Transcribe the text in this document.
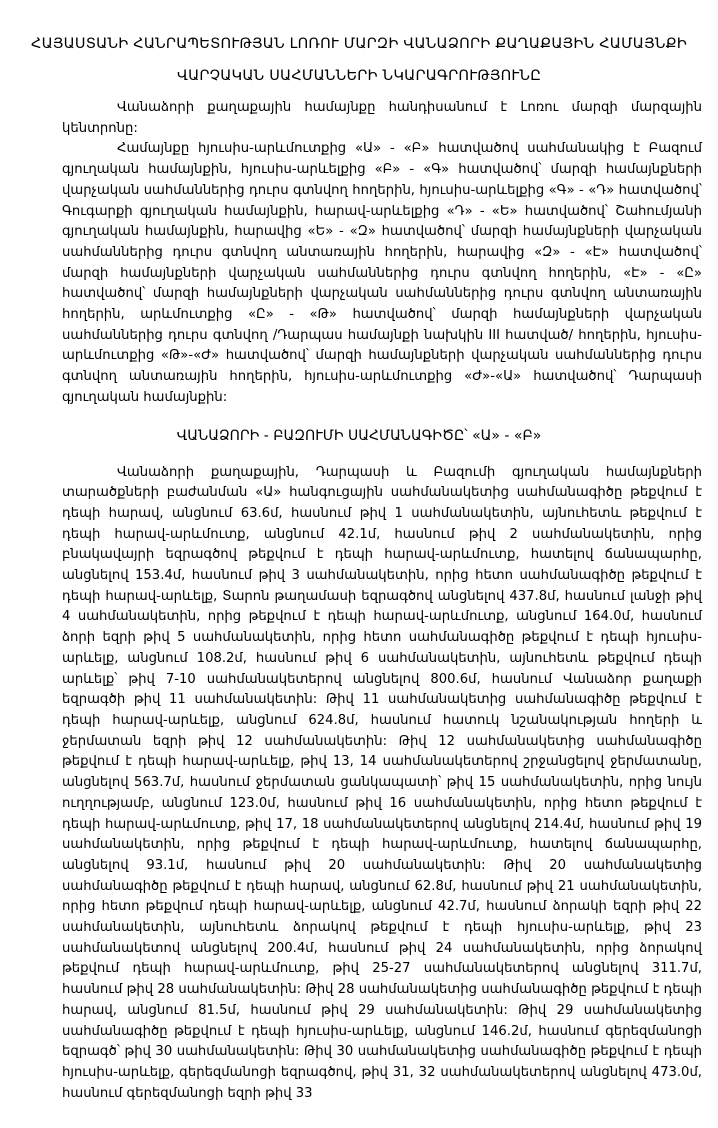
ՀԱՅԱՍՏԱՆԻ ՀԱՆՐԱՊԵՏՈՒԹՅԱՆ ԼՈՌՈՒ ՄԱՐԶԻ ՎԱՆԱՁՈՐԻ ՔԱՂԱՔԱՅԻՆ ՀԱՄԱՅՆՔԻ
ՎԱՐՉԱԿԱՆ ՍԱՀՄԱՆՆԵՐԻ ՆԿԱՐԱԳՐՈՒԹՅՈՒՆԸ

Վանաձորի քաղաքային համայնքը հանդիսանում է Լոռու մարզի մարզային կենտրոնը:

Համայնքը հյուսիս-արևմուտքից «Ա» - «Բ» հատվածով սահմանակից է Բազում գյուղական համայնքին, հյուսիս-արևելքից «Բ» - «Գ» հատվածով՝ մարզի համայնքների վարչական սահմաններից դուրս գտնվող հողերին, հյուսիս-արևելքից «Գ» - «Դ» հատվածով՝ Գուգարքի գյուղական համայնքին, հարավ-արևելքից «Դ» - «Ե» հատվածով՝ Շահումյանի գյուղական համայնքին, հարավից «Ե» - «Զ» հատվածով՝ մարզի համայնքների վարչական սահմաններից դուրս գտնվող անտառային հողերին, հարավից «Զ» - «Է» հատվածով՝ մարզի համայնքների վարչական սահմաններից դուրս գտնվող հողերին, «Է» - «Ը» հատվածով՝ մարզի համայնքների վարչական սահմաններից դուրս գտնվող անտառային հողերին, արևմուտքից «Ը» - «Թ» հատվածով՝ մարզի համայնքների վարչական սահմաններից դուրս գտնվող /Դարպաս համայնքի նախկին III հատված/ հողերին, հյուսիս-արևմուտքից «Թ»-«Ժ» հատվածով՝ մարզի համայնքների վարչական սահմաններից դուրս գտնվող անտառային հողերին, հյուսիս-արևմուտքից «Ժ»-«Ա» հատվածով՝ Դարպասի գյուղական համայնքին:

ՎԱՆԱՁՈՐԻ - ԲԱԶՈՒՄԻ ՍԱՀՄԱՆԱԳԻԾԸ՝ «Ա» - «Բ»

Վանաձորի քաղաքային, Դարպասի և Բազումի գյուղական համայնքների տարածքների բաժանման «Ա» հանգուցային սահմանակետից սահմանագիծը թեքվում է դեպի հարավ, անցնում 63.6մ, հասնում թիվ 1 սահմանակետին, այնուհետև թեքվում է դեպի հարավ-արևմուտք, անցնում 42.1մ, հասնում թիվ 2 սահմանակետին, որից բնակավայրի եզրագծով թեքվում է դեպի հարավ-արևմուտք, հատելով ճանապարհը, անցնելով 153.4մ, հասնում թիվ 3 սահմանակետին, որից հետո սահմանագիծը թեքվում է դեպի հարավ-արևելք, Տարոն թաղամասի եզրագծով անցնելով 437.8մ, հասնում լանջի թիվ 4 սահմանակետին, որից թեքվում է դեպի հարավ-արևմուտք, անցնում 164.0մ, հասնում ձորի եզրի թիվ 5 սահմանակետին, որից հետո սահմանագիծը թեքվում է դեպի հյուսիս-արևելք, անցնում 108.2մ, հասնում թիվ 6 սահմանակետին, այնուհետև թեքվում դեպի արևելք՝ թիվ 7-10 սահմանակետերով անցնելով 800.6մ, հասնում Վանաձոր քաղաքի եզրագծի թիվ 11 սահմանակետին: Թիվ 11 սահմանակետից սահմանագիծը թեքվում է դեպի հարավ-արևելք, անցնում 624.8մ, հասնում հատուկ նշանակության հողերի և ջերմատան եզրի թիվ 12 սահմանակետին: Թիվ 12 սահմանակետից սահմանագիծը թեքվում է դեպի հարավ-արևելք, թիվ 13, 14 սահմանակետերով շրջանցելով ջերմատանը, անցնելով 563.7մ, հասնում ջերմատան ցանկապատի՝ թիվ 15 սահմանակետին, որից նույն ուղղությամբ, անցնում 123.0մ, հասնում թիվ 16 սահմանակետին, որից հետո թեքվում է դեպի հարավ-արևմուտք, թիվ 17, 18 սահմանակետերով անցնելով 214.4մ, հասնում թիվ 19 սահմանակետին, որից թեքվում է դեպի հարավ-արևմուտք, հատելով ճանապարհը, անցնելով 93.1մ, հասնում թիվ 20 սահմանակետին: Թիվ 20 սահմանակետից սահմանագիծը թեքվում է դեպի հարավ, անցնում 62.8մ, հասնում թիվ 21 սահմանակետին, որից հետո թեքվում դեպի հարավ-արևելք, անցնում 42.7մ, հասնում ձորակի եզրի թիվ 22 սահմանակետին, այնուհետև ձորակով թեքվում է դեպի հյուսիս-արևելք, թիվ 23 սահմանակետով անցնելով 200.4մ, հասնում թիվ 24 սահմանակետին, որից ձորակով թեքվում դեպի հարավ-արևմուտք, թիվ 25-27 սահմանակետերով անցնելով 311.7մ, հասնում թիվ 28 սահմանակետին: Թիվ 28 սահմանակետից սահմանագիծը թեքվում է դեպի հարավ, անցնում 81.5մ, հասնում թիվ 29 սահմանակետին: Թիվ 29 սահմանակետից սահմանագիծը թեքվում է դեպի հյուսիս-արևելք, անցնում 146.2մ, հասնում գերեզմանոցի եզրագծ՝ թիվ 30 սահմանակետին: Թիվ 30 սահմանակետից սահմանագիծը թեքվում է դեպի հյուսիս-արևելք, գերեզմանոցի եզրագծով, թիվ 31, 32 սահմանակետերով անցնելով 473.0մ, հասնում գերեզմանոցի եզրի թիվ 33
